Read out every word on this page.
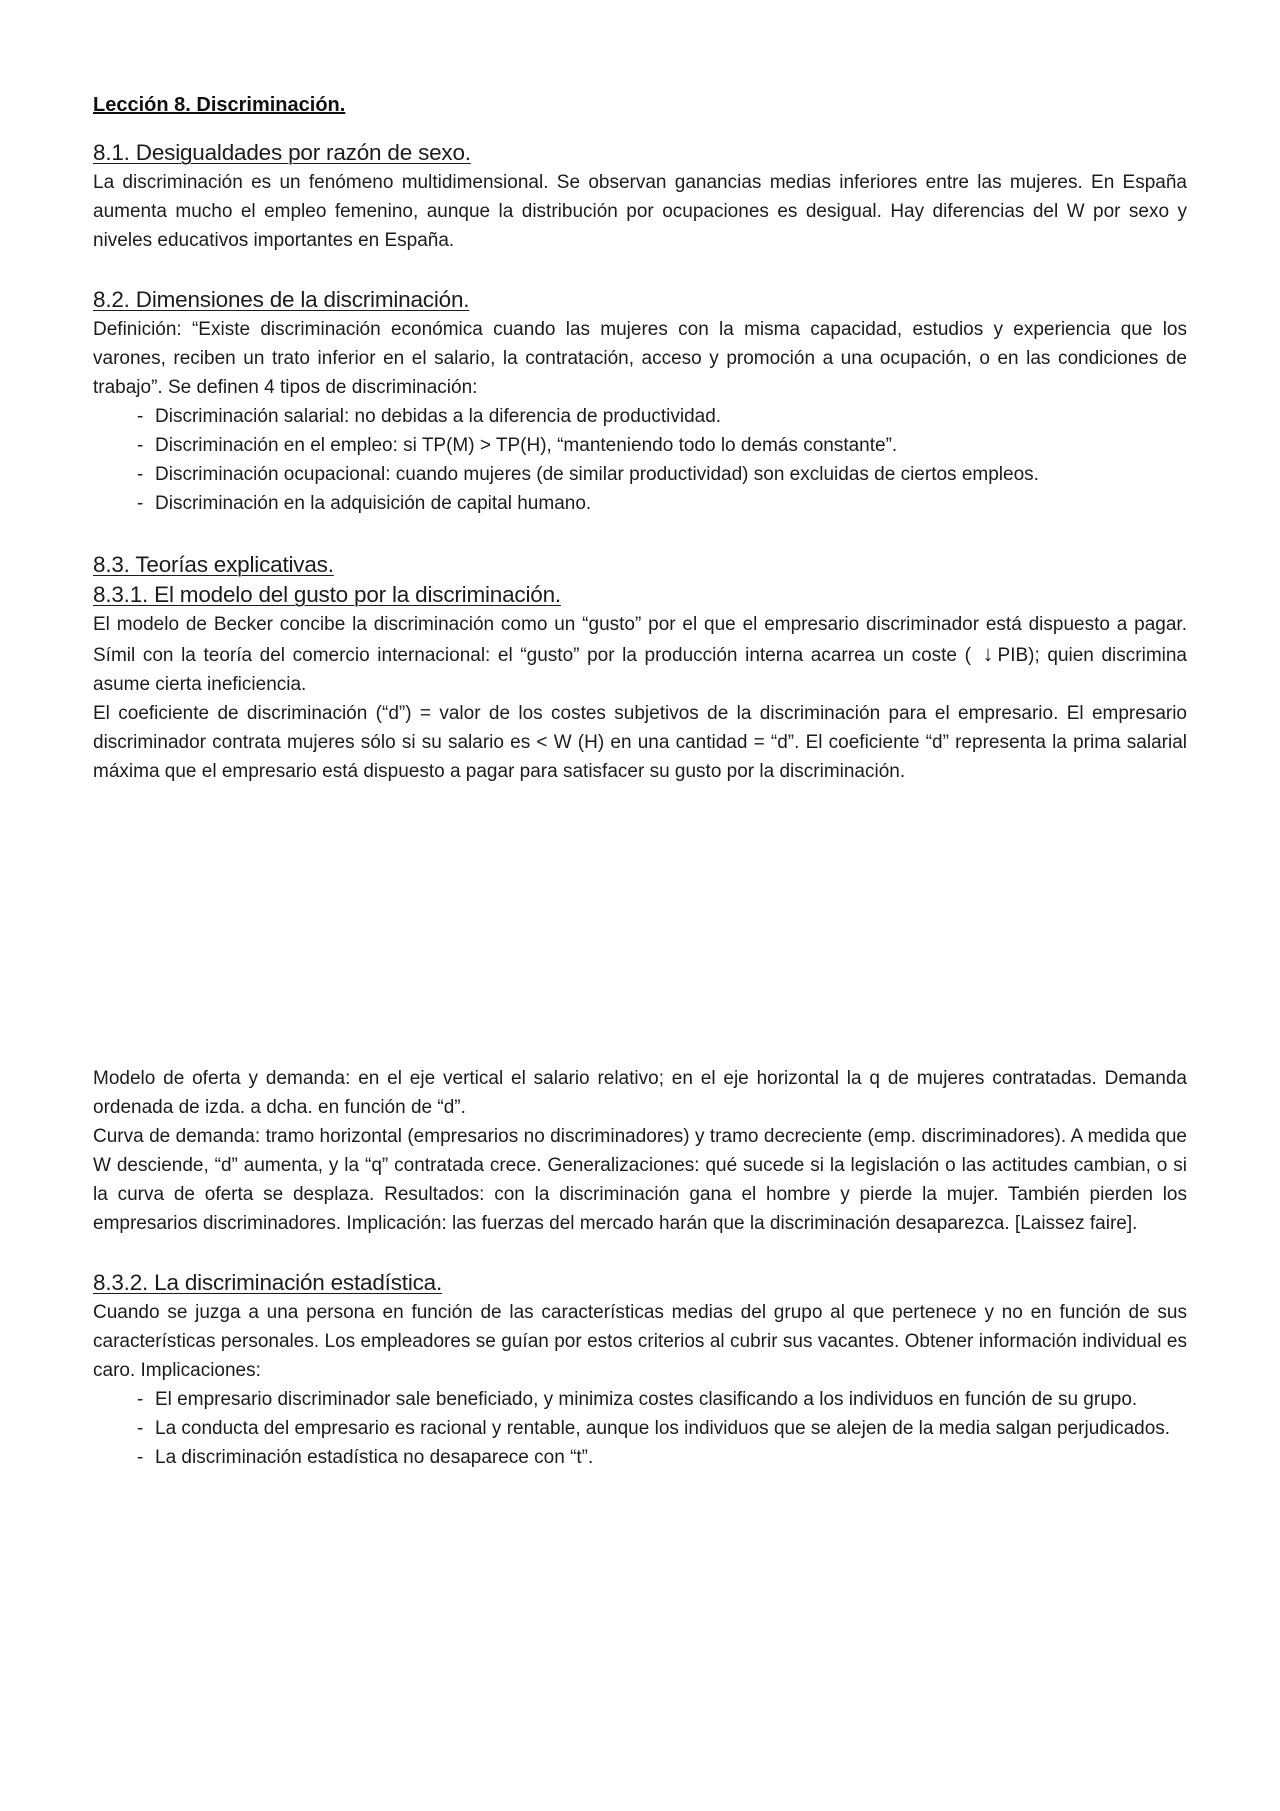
Lección 8. Discriminación.
8.1. Desigualdades por razón de sexo.

La discriminación es un fenómeno multidimensional. Se observan ganancias medias inferiores entre las mujeres. En España aumenta mucho el empleo femenino, aunque la distribución por ocupaciones es desigual. Hay diferencias del W por sexo y niveles educativos importantes en España.

8.2. Dimensiones de la discriminación.

Definición: “Existe discriminación económica cuando las mujeres con la misma capacidad, estudios y experiencia que los varones, reciben un trato inferior en el salario, la contratación, acceso y promoción a una ocupación, o en las condiciones de trabajo”. Se definen 4 tipos de discriminación:

- Discriminación salarial: no debidas a la diferencia de productividad.
- Discriminación en el empleo: si TP(M) > TP(H), “manteniendo todo lo demás constante”.
- Discriminación ocupacional: cuando mujeres (de similar productividad) son excluidas de ciertos empleos.
- Discriminación en la adquisición de capital humano.
8.3. Teorías explicativas.
8.3.1. El modelo del gusto por la discriminación.

El modelo de Becker concibe la discriminación como un “gusto” por el que el empresario discriminador está dispuesto a pagar. Símil con la teoría del comercio internacional: el “gusto” por la producción interna acarrea un coste ( ↓ PIB); quien discrimina asume cierta ineficiencia.

El coeficiente de discriminación (“d”) = valor de los costes subjetivos de la discriminación para el empresario. El empresario discriminador contrata mujeres sólo si su salario es < W (H) en una cantidad = “d”. El coeficiente “d” representa la prima salarial máxima que el empresario está dispuesto a pagar para satisfacer su gusto por la discriminación.

Modelo de oferta y demanda: en el eje vertical el salario relativo; en el eje horizontal la q de mujeres contratadas. Demanda ordenada de izda. a dcha. en función de “d”.

Curva de demanda: tramo horizontal (empresarios no discriminadores) y tramo decreciente (emp. discriminadores). A medida que W desciende, “d” aumenta, y la “q” contratada crece. Generalizaciones: qué sucede si la legislación o las actitudes cambian, o si la curva de oferta se desplaza. Resultados: con la discriminación gana el hombre y pierde la mujer. También pierden los empresarios discriminadores. Implicación: las fuerzas del mercado harán que la discriminación desaparezca. [Laissez faire].

8.3.2. La discriminación estadística.

Cuando se juzga a una persona en función de las características medias del grupo al que pertenece y no en función de sus características personales. Los empleadores se guían por estos criterios al cubrir sus vacantes. Obtener información individual es caro. Implicaciones:

- El empresario discriminador sale beneficiado, y minimiza costes clasificando a los individuos en función de su grupo.
- La conducta del empresario es racional y rentable, aunque los individuos que se alejen de la media salgan perjudicados.
- La discriminación estadística no desaparece con “t”.
